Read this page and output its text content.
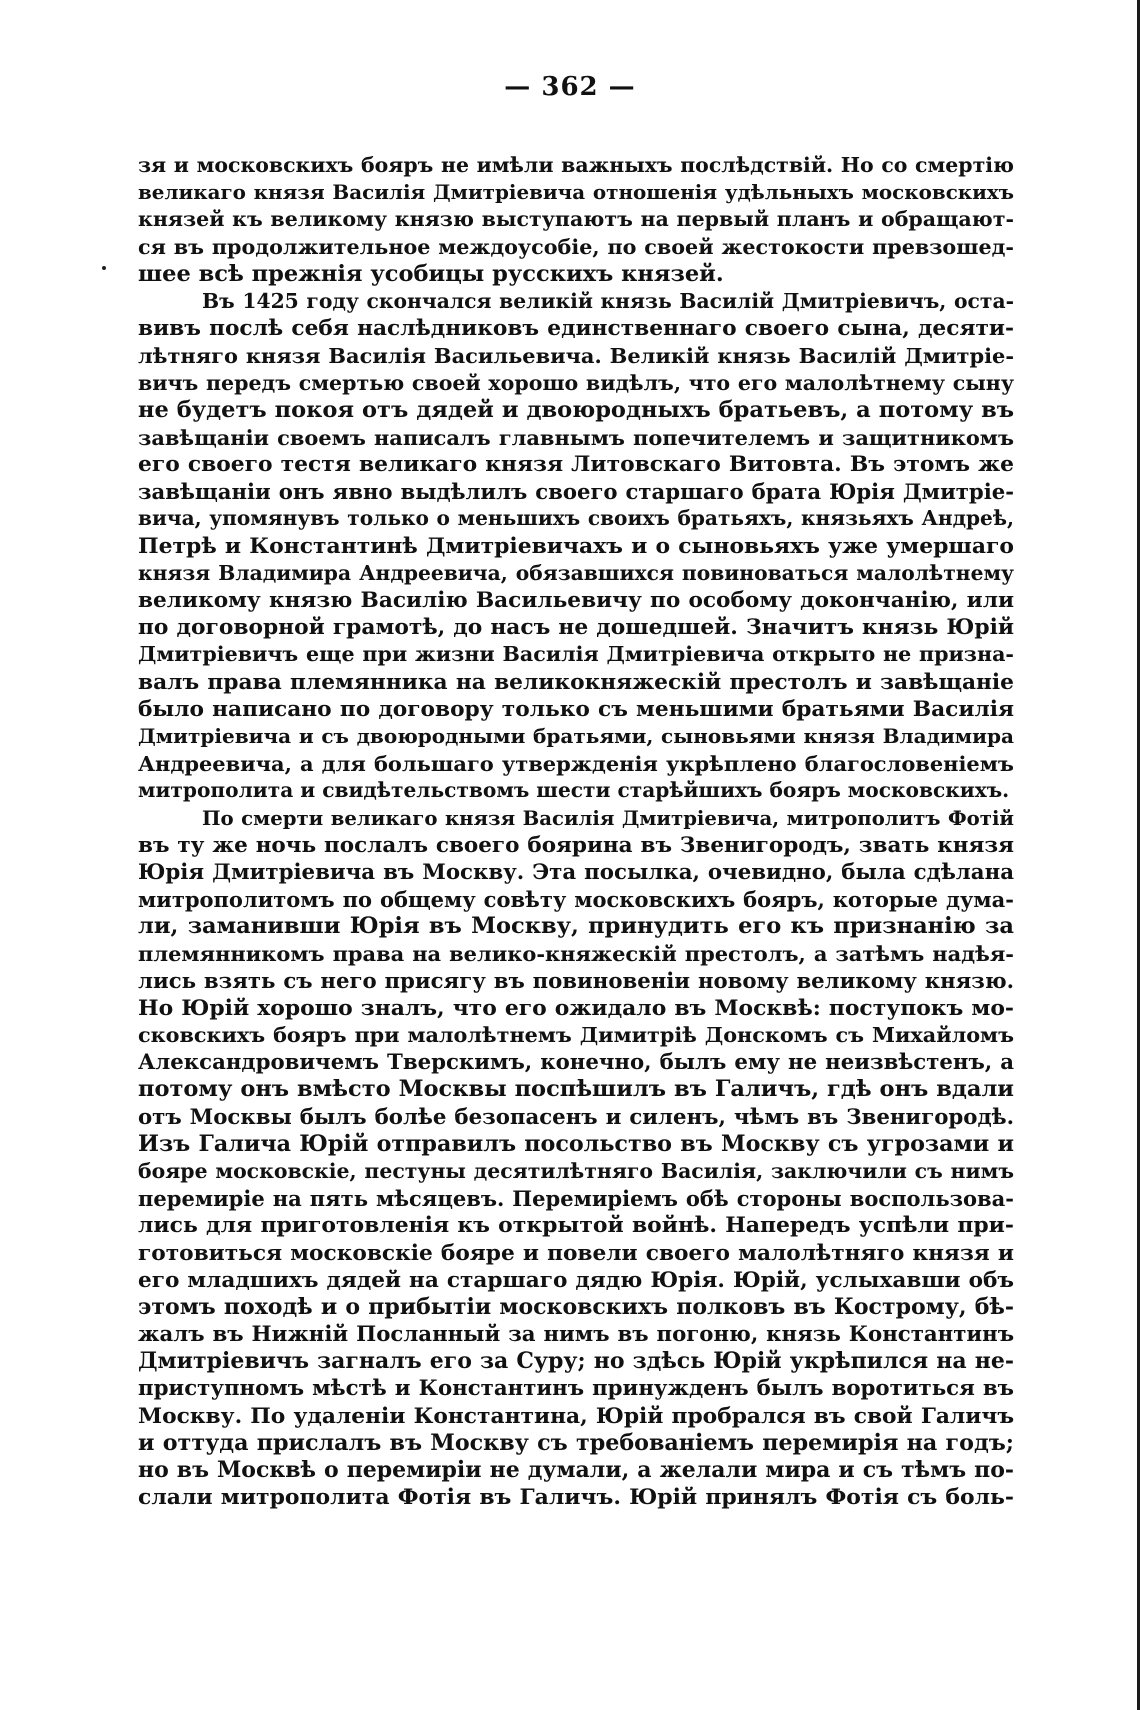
— 362 —
зя и московскихъ бояръ не имѣли важныхъ послѣдствій. Но со смертію
великаго князя Василія Дмитріевича отношенія удѣльныхъ московскихъ
князей къ великому князю выступаютъ на первый планъ и обращают-
ся въ продолжительное междоусобіе, по своей жестокости превзошед-
шее всѣ прежнія усобицы русскихъ князей.
Въ 1425 году скончался великій князь Василій Дмитріевичъ, оста-
вивъ послѣ себя наслѣдниковъ единственнаго своего сына, десяти-
лѣтняго князя Василія Васильевича. Великій князь Василій Дмитріе-
вичъ передъ смертью своей хорошо видѣлъ, что его малолѣтнему сыну
не будетъ покоя отъ дядей и двоюродныхъ братьевъ, а потому въ
завѣщаніи своемъ написалъ главнымъ попечителемъ и защитникомъ
его своего тестя великаго князя Литовскаго Витовта. Въ этомъ же
завѣщаніи онъ явно выдѣлилъ своего старшаго брата Юрія Дмитріе-
вича, упомянувъ только о меньшихъ своихъ братьяхъ, князьяхъ Андреѣ,
Петрѣ и Константинѣ Дмитріевичахъ и о сыновьяхъ уже умершаго
князя Владимира Андреевича, обязавшихся повиноваться малолѣтнему
великому князю Василію Васильевичу по особому докончанію, или
по договорной грамотѣ, до насъ не дошедшей. Значитъ князь Юрій
Дмитріевичъ еще при жизни Василія Дмитріевича открыто не призна-
валъ права племянника на великокняжескій престолъ и завѣщаніе
было написано по договору только съ меньшими братьями Василія
Дмитріевича и съ двоюродными братьями, сыновьями князя Владимира
Андреевича, а для большаго утвержденія укрѣплено благословеніемъ
митрополита и свидѣтельствомъ шести старѣйшихъ бояръ московскихъ.
По смерти великаго князя Василія Дмитріевича, митрополитъ Фотій
въ ту же ночь послалъ своего боярина въ Звенигородъ, звать князя
Юрія Дмитріевича въ Москву. Эта посылка, очевидно, была сдѣлана
митрополитомъ по общему совѣту московскихъ бояръ, которые дума-
ли, заманивши Юрія въ Москву, принудить его къ признанію за
племянникомъ права на велико-княжескій престолъ, а затѣмъ надѣя-
лись взять съ него присягу въ повиновеніи новому великому князю.
Но Юрій хорошо зналъ, что его ожидало въ Москвѣ: поступокъ мо-
сковскихъ бояръ при малолѣтнемъ Димитріѣ Донскомъ съ Михайломъ
Александровичемъ Тверскимъ, конечно, былъ ему не неизвѣстенъ, а
потому онъ вмѣсто Москвы поспѣшилъ въ Галичъ, гдѣ онъ вдали
отъ Москвы былъ болѣе безопасенъ и силенъ, чѣмъ въ Звенигородѣ.
Изъ Галича Юрій отправилъ посольство въ Москву съ угрозами и
бояре московскіе, пестуны десятилѣтняго Василія, заключили съ нимъ
перемиріе на пять мѣсяцевъ. Перемиріемъ обѣ стороны воспользова-
лись для приготовленія къ открытой войнѣ. Напередъ успѣли при-
готовиться московскіе бояре и повели своего малолѣтняго князя и
его младшихъ дядей на старшаго дядю Юрія. Юрій, услыхавши объ
этомъ походѣ и о прибытіи московскихъ полковъ въ Кострому, бѣ-
жалъ въ Нижній Посланный за нимъ въ погоню, князь Константинъ
Дмитріевичъ загналъ его за Суру; но здѣсь Юрій укрѣпился на не-
приступномъ мѣстѣ и Константинъ принужденъ былъ воротиться въ
Москву. По удаленіи Константина, Юрій пробрался въ свой Галичъ
и оттуда прислалъ въ Москву съ требованіемъ перемирія на годъ;
но въ Москвѣ о перемиріи не думали, а желали мира и съ тѣмъ по-
слали митрополита Фотія въ Галичъ. Юрій принялъ Фотія съ боль-
